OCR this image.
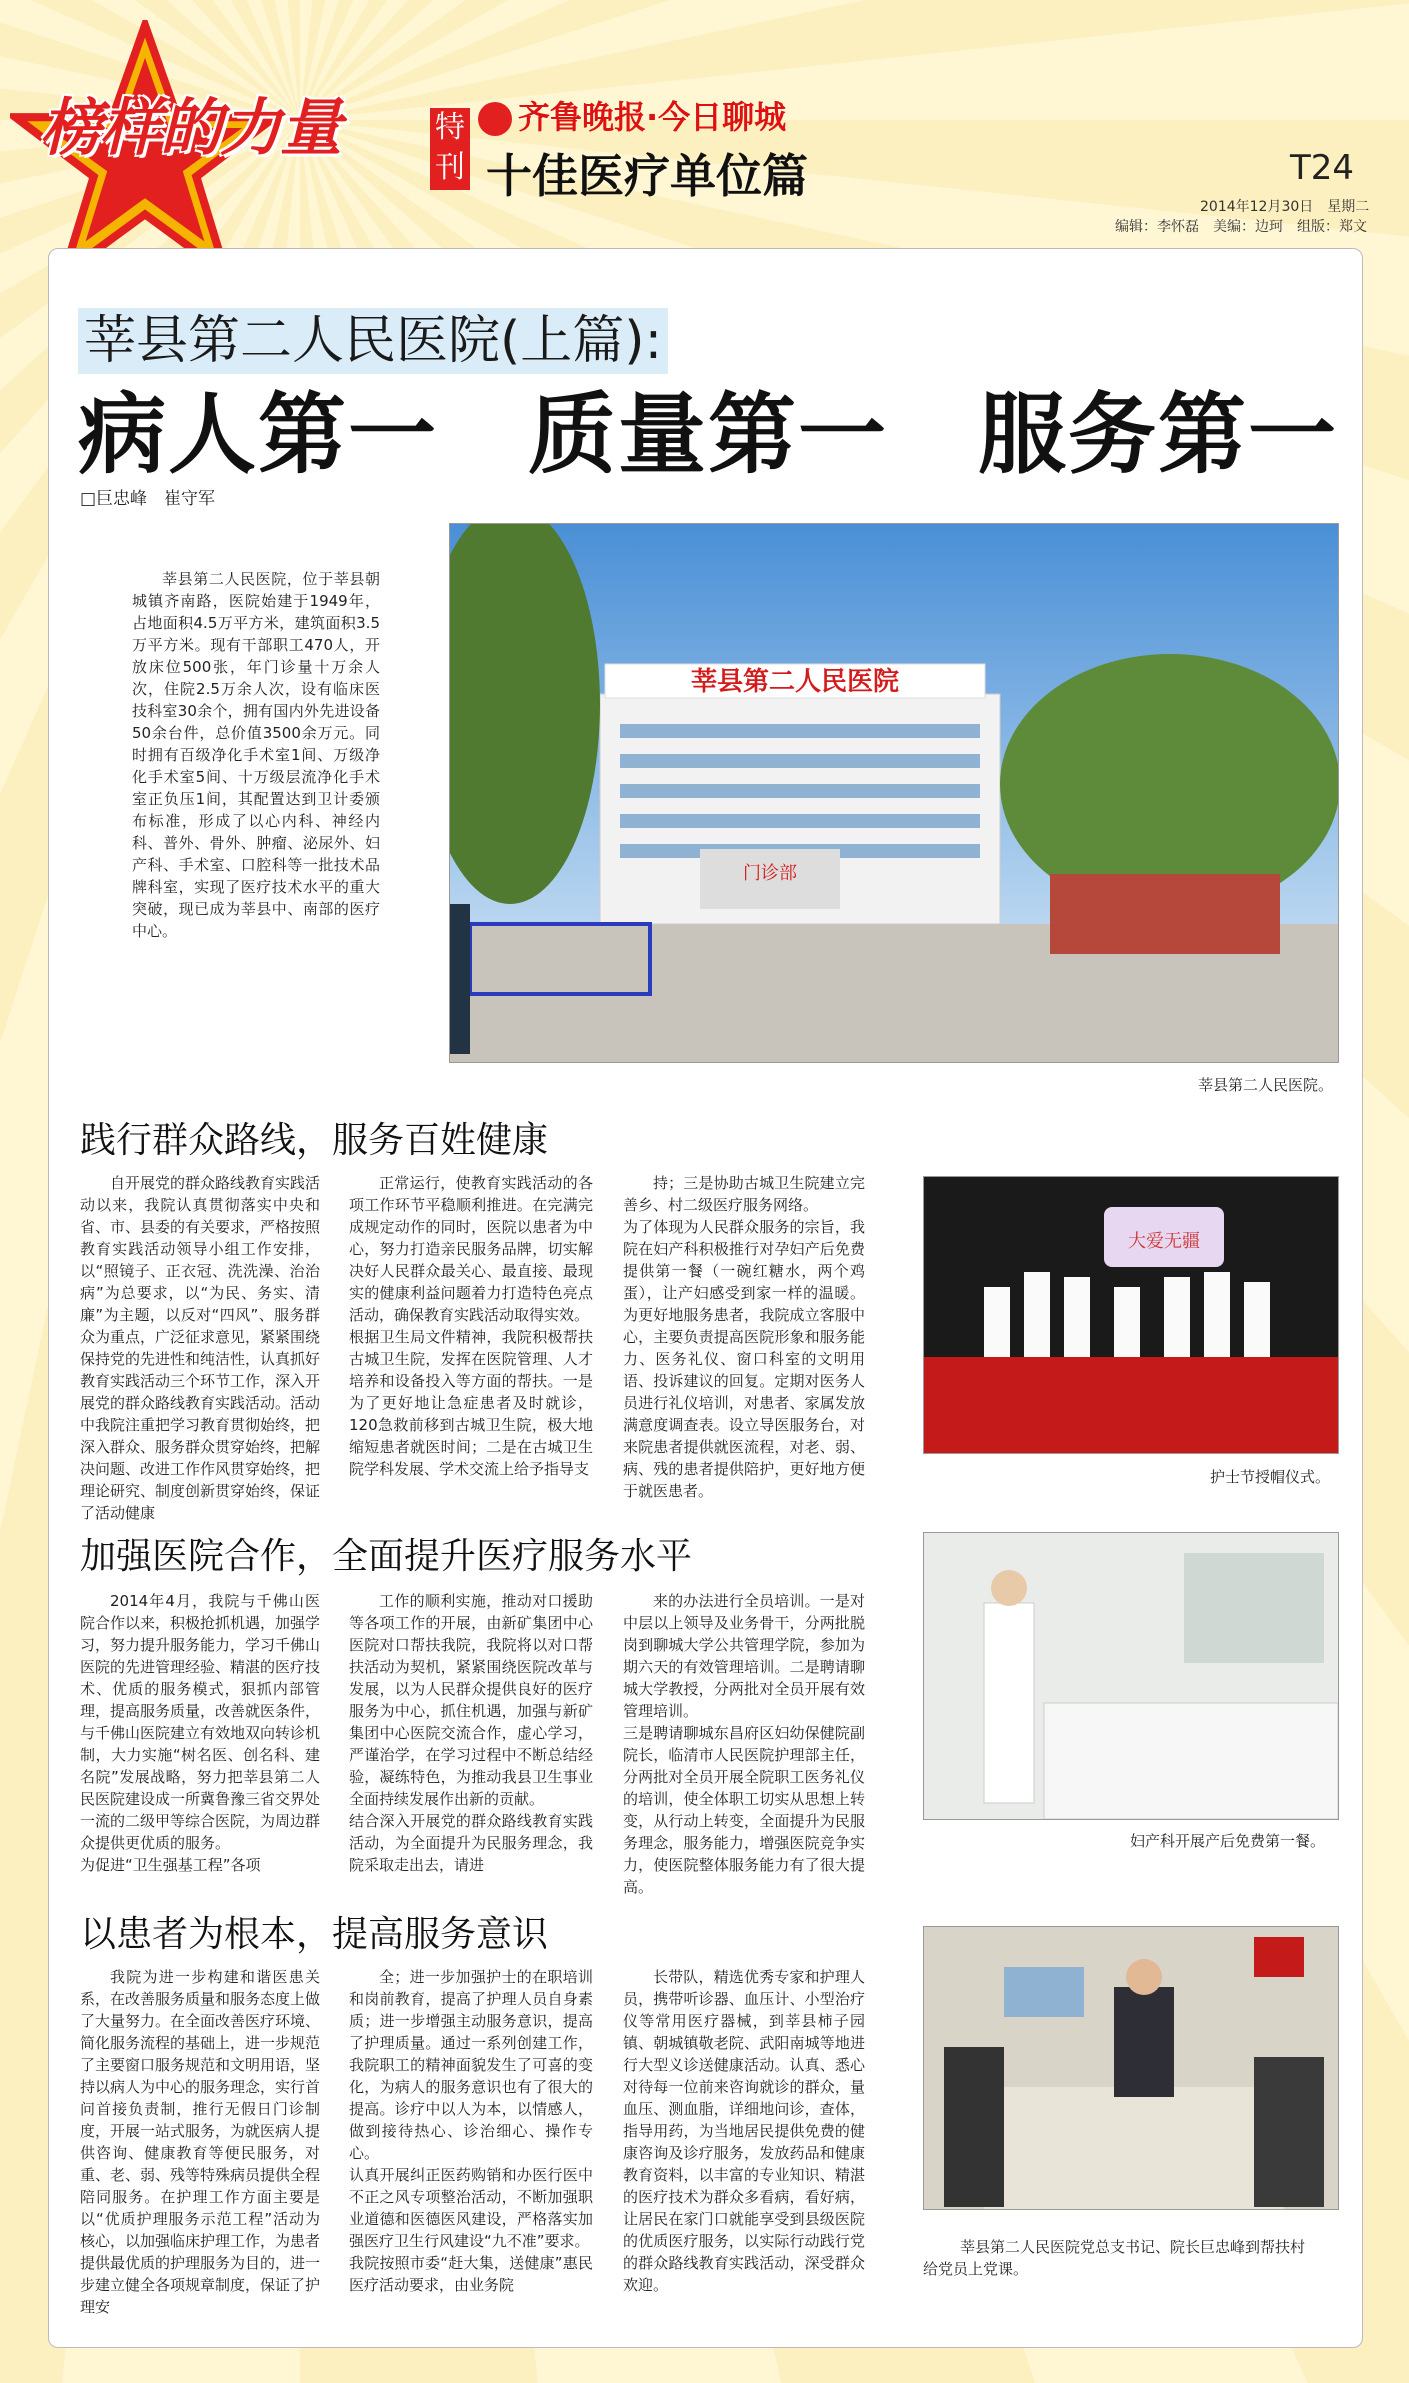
榜样的力量	特刊
齐鲁晚报·今日聊城
十佳医疗单位篇	T24
2014年12月30日　星期二
编辑：李怀磊　美编：边珂　组版：郑文
莘县第二人民医院(上篇):
病人第一　质量第一　服务第一
□巨忠峰　崔守军
莘县第二人民医院，位于莘县朝城镇齐南路，医院始建于1949年，占地面积4.5万平方米，建筑面积3.5万平方米。现有干部职工470人，开放床位500张，年门诊量十万余人次，住院2.5万余人次，设有临床医技科室30余个，拥有国内外先进设备50余台件，总价值3500余万元。同时拥有百级净化手术室1间、万级净化手术室5间、十万级层流净化手术室正负压1间，其配置达到卫计委颁布标准，形成了以心内科、神经内科、普外、骨外、肿瘤、泌尿外、妇产科、手术室、口腔科等一批技术品牌科室，实现了医疗技术水平的重大突破，现已成为莘县中、南部的医疗中心。
莘县第二人民医院
门诊部
莘县第二人民医院。
践行群众路线，服务百姓健康

自开展党的群众路线教育实践活动以来，我院认真贯彻落实中央和省、市、县委的有关要求，严格按照教育实践活动领导小组工作安排，以“照镜子、正衣冠、洗洗澡、治治病”为总要求，以“为民、务实、清廉”为主题，以反对“四风”、服务群众为重点，广泛征求意见，紧紧围绕保持党的先进性和纯洁性，认真抓好教育实践活动三个环节工作，深入开展党的群众路线教育实践活动。活动中我院注重把学习教育贯彻始终，把深入群众、服务群众贯穿始终，把解决问题、改进工作作风贯穿始终，把理论研究、制度创新贯穿始终，保证了活动健康

正常运行，使教育实践活动的各项工作环节平稳顺利推进。在完满完成规定动作的同时，医院以患者为中心，努力打造亲民服务品牌，切实解决好人民群众最关心、最直接、最现实的健康利益问题着力打造特色亮点活动，确保教育实践活动取得实效。
根据卫生局文件精神，我院积极帮扶古城卫生院，发挥在医院管理、人才培养和设备投入等方面的帮扶。一是为了更好地让急症患者及时就诊，120急救前移到古城卫生院，极大地缩短患者就医时间；二是在古城卫生院学科发展、学术交流上给予指导支

持；三是协助古城卫生院建立完善乡、村二级医疗服务网络。
为了体现为人民群众服务的宗旨，我院在妇产科积极推行对孕妇产后免费提供第一餐（一碗红糖水，两个鸡蛋），让产妇感受到家一样的温暖。为更好地服务患者，我院成立客服中心，主要负责提高医院形象和服务能力、医务礼仪、窗口科室的文明用语、投诉建议的回复。定期对医务人员进行礼仪培训，对患者、家属发放满意度调查表。设立导医服务台，对来院患者提供就医流程，对老、弱、病、残的患者提供陪护，更好地方便于就医患者。

大爱无疆
护士节授帽仪式。
加强医院合作，全面提升医疗服务水平

2014年4月，我院与千佛山医院合作以来，积极抢抓机遇，加强学习，努力提升服务能力，学习千佛山医院的先进管理经验、精湛的医疗技术、优质的服务模式，狠抓内部管理，提高服务质量，改善就医条件，与千佛山医院建立有效地双向转诊机制，大力实施“树名医、创名科、建名院”发展战略，努力把莘县第二人民医院建设成一所冀鲁豫三省交界处一流的二级甲等综合医院，为周边群众提供更优质的服务。
为促进“卫生强基工程”各项

工作的顺利实施，推动对口援助等各项工作的开展，由新矿集团中心医院对口帮扶我院，我院将以对口帮扶活动为契机，紧紧围绕医院改革与发展，以为人民群众提供良好的医疗服务为中心，抓住机遇，加强与新矿集团中心医院交流合作，虚心学习，严谨治学，在学习过程中不断总结经验，凝练特色，为推动我县卫生事业全面持续发展作出新的贡献。
结合深入开展党的群众路线教育实践活动，为全面提升为民服务理念，我院采取走出去，请进

来的办法进行全员培训。一是对中层以上领导及业务骨干，分两批脱岗到聊城大学公共管理学院，参加为期六天的有效管理培训。二是聘请聊城大学教授，分两批对全员开展有效管理培训。
三是聘请聊城东昌府区妇幼保健院副院长，临清市人民医院护理部主任，分两批对全员开展全院职工医务礼仪的培训，使全体职工切实从思想上转变，从行动上转变，全面提升为民服务理念，服务能力，增强医院竞争实力，使医院整体服务能力有了很大提高。

妇产科开展产后免费第一餐。
以患者为根本，提高服务意识

我院为进一步构建和谐医患关系，在改善服务质量和服务态度上做了大量努力。在全面改善医疗环境、简化服务流程的基础上，进一步规范了主要窗口服务规范和文明用语，坚持以病人为中心的服务理念，实行首问首接负责制，推行无假日门诊制度，开展一站式服务，为就医病人提供咨询、健康教育等便民服务，对重、老、弱、残等特殊病员提供全程陪同服务。在护理工作方面主要是以“优质护理服务示范工程”活动为核心，以加强临床护理工作，为患者提供最优质的护理服务为目的，进一步建立健全各项规章制度，保证了护理安

全；进一步加强护士的在职培训和岗前教育，提高了护理人员自身素质；进一步增强主动服务意识，提高了护理质量。通过一系列创建工作，我院职工的精神面貌发生了可喜的变化，为病人的服务意识也有了很大的提高。诊疗中以人为本，以情感人，做到接待热心、诊治细心、操作专心。
认真开展纠正医药购销和办医行医中不正之风专项整治活动，不断加强职业道德和医德医风建设，严格落实加强医疗卫生行风建设“九不准”要求。
我院按照市委“赶大集，送健康”惠民医疗活动要求，由业务院

长带队，精选优秀专家和护理人员，携带听诊器、血压计、小型治疗仪等常用医疗器械，到莘县柿子园镇、朝城镇敬老院、武阳南城等地进行大型义诊送健康活动。认真、悉心对待每一位前来咨询就诊的群众，量血压、测血脂，详细地问诊，查体，指导用药，为当地居民提供免费的健康咨询及诊疗服务，发放药品和健康教育资料，以丰富的专业知识、精湛的医疗技术为群众多看病，看好病，让居民在家门口就能享受到县级医院的优质医疗服务，以实际行动践行党的群众路线教育实践活动，深受群众欢迎。

莘县第二人民医院党总支书记、院长巨忠峰到帮扶村
给党员上党课。
